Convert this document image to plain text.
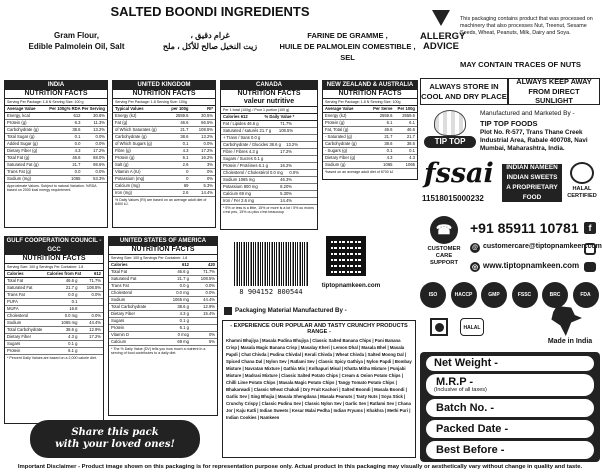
SALTED BOONDI INGREDIENTS
Gram Flour,
Edible Palmolein Oil, Salt
غرام دقيق ،
زيت النخيل صالح للأكل ، ملح
FARINE DE GRAMME ,
HUILE DE PALMOLEIN COMESTIBLE , SEL
ALLERGY
ADVICE
This packaging contains product that was processed on machinery that also processes Nut, Treenut, Sesame Seeds, Wheat, Peanuts, Milk, Dairy and Soya.
MAY CONTAIN TRACES OF NUTS
INDIA
NUTRITION FACTS
Serving Per Package: 1.8 N Serving Size: 100 g
Average Value	Per 100g % RDA Per Serving
Energy, kcal	612	30.6%
Protein (g)	6.3	11.3%
Carbohydrate (g)	38.6	13.2%
Total Sugar (g)	0.1	0.0%
Added Sugar (g)	0.0	0.0%
Dietary Fiber (g)	4.3	17.2%
Total Fat (g)	46.6	68.0%
Saturated Fat (g)	21.7	98.6%
Trans Fat (g)	0.0	0.0%
Sodium (mg)	1065	53.3%
Approximate Values. Subject to natural Variation. %RDA based on 2000 kcal energy requirement.
UNITED KINGDOM
NUTRITION FACTS
Serving Per Package: 1.8 Serving Size: 100g
Typical Values	per 100g	RI*
Energy (kJ)	2559.6	30.5%
Fat (g)	46.6	66.5%
of Which Saturates (g)	21.7	108.5%
Carbohydrate (g)	38.6	13.2%
of Which Sugars (g)	0.1	0.0%
Fibre (g)	4.3	17.2%
Protein (g)	6.1	16.2%
Salt (g)	2.6	3%
Vitamin A (IU)	0	0%
Potassium (mg)	0	0%
Calcium (mg)	69	5.3%
Iron (mg)	2.6	14.4%
% Daily Values (RI) are based on an average adult diet of 8400 kJ.
CANADA
NUTRITION FACTS
valeur nutritive
Per 1 bowl (100g) / Pour 1 portion (100 g)
Calories 612	% Daily Value *
Fat / Lipides 46.6 g	71.7%
Saturated / saturés 21.7 g	108.5%
+ Trans / trans 0.0 g
Carbohydrate / Glucides 38.6 g	13.2%
Fibre / Fibres 4.3 g	17.2%
Sugars / Sucres 0.1 g
Protein / Protéines 6.1 g	16.2%
Cholesterol / Cholestérol 0.0 mg	0.0%
Sodium 1065 mg	46.3%
Potassium 800 mg	8.20%
Calcium 69 mg	5.30%
Iron / Fer 2.6 mg	14.4%
* 5% or less is a little, 15% or more is a lot / 5% ou moins c'est peu, 15% ou plus c'est beaucoup
NEW ZEALAND & AUSTRALIA
NUTRITION FACTS
Serving Per Package: 1.8 N Serving Size: 100g
Average Value	Per Serve	Per 100g
Energy (kJ)	2559.6	2559.6
Protein (g)	6.1	6.1
Fat, Total (g)	46.6	46.6
- Saturated (g)	21.7	21.7
Carbohydrate (g)	38.6	38.6
- Sugars (g)	0.1	0.1
Dietary Fiber (g)	4.3	4.3
Sodium (g)	1065	1065
*based on an average adult diet of 8700 kJ
GULF COOPERATION COUNCIL -GCC
NUTRITION FACTS
Serving Size: 100 g Servings Per Container: 1.8
Calories	Calories from Fat	612
Total Fat	46.6 g	71.7%
Saturated Fat	21.7 g	108.5%
Trans Fat	0.0 g	0.0%
PUFA	0.1
MUFA	16.8
Cholesterol	0.0 mg	0.0%
Sodium	1065 mg	44.4%
Total Carbohydrate	38.6 g	12.9%
Dietary Fiber	4.3 g	17.2%
Sugars	0.1 g
Protein	6.1 g
* Percent Daily Values are based on a 2,000 calorie diet.
UNITED STATES OF AMERICA
NUTRITION FACTS
Serving Size: 100 g Servings Per Container: 1.8
Calories	612	420
Total Fat	46.6 g	71.7%
Saturated Fat	21.7 g	108.5%
Trans Fat	0.0 g	0.0%
Cholesterol	0.0 mg	0.0%
Sodium	1065 mg	44.4%
Total Carbohydrate	38.6 g	12.9%
Dietary Fiber	4.3 g	15.4%
Sugars	0.1 g
Protein	6.1 g
Vitamin D	0 mcg	0%
Calcium	69 mg	5%
* The % Daily Value (DV) tells you how much a nutrient in a serving of food contributes to a daily diet.
ALWAYS STORE IN
COOL AND DRY PLACE
ALWAYS KEEP AWAY
FROM DIRECT SUNLIGHT
TIP TOP
Manufactured and Marketed By -
TIP TOP FOODS
Plot No. R-577, Trans Thane Creek Industrial Area, Rabale 400708, Navi Mumbai, Maharashtra, India.
fssai
11518015000232
INDIAN NAMEEN
INDIAN SWEETS
A PROPRIETARY FOOD
HALAL
CERTIFIED
☎
CUSTOMER
CARE
SUPPORT
+91 85911 10781	f
@ customercare@tiptopnamkeen.com
◎ www.tiptopnamkeen.com
8 904152 800544
tiptopnamkeen.com
Packaging Material Manufactured By -
- EXPERIENCE OUR POPULAR AND TASTY CRUNCHY PRODUCTS RANGE -
Khamni Bhujiya | Masala Pudina Bhujiya | Classic Salted Banana Chips | Pani Banana Crisp | Masala Magic Banana Crisp | Masalay Kheri | Lemon Dhal | Masala Bhel | Masala Papdi | Chat Chivda | Pudina Chivdal | Kerali Chivda | Wheat Chivda | Salted Moong Dal | Spiced Chana Dal | Nylon Sev | Ratlami Sev | Classic Spicy Gathiya | Nylon Papdi | Bombay Mixture | Navratan Mixture | Gathia Mix | Kolhapuri Misal | Khatta Mitha Mixture | Punjabi Mixture | Madrasi Mixture | Classic Salted Potato Chips | Cream & Onion Potato Chips | Chilli Lime Potato Chips | Masala Magic Potato Chips | Tangy Tomato Potato Chips | Bhakarwadi | Classic Wheat Chakali | Dry Fruit Kachori | Salted Boondi | Masala Boondi | Garlic Sev | Sing Bhujia | Masala Shengdana | Masala Peanuts | Tasty Nuts | Soya Stick | Crunchy Crispy | Classic Pudina Sev | Classic Nylon Sev | Garlic Sev | Ratlami Sev | Chana Jor | Kaju Katli | Indian Sweets | Kesar Malai Pedha | Indian Fryums | Khakhra | Methi Puri | Indian Cookies | Namkeen
ISO	HACCP	GMP	FSSC	BRC	FDA
HALAL
Made in India
Share this pack
with your loved ones!
Net Weight -
M.R.P -
(Inclusive of all taxes)
Batch No. -
Packed Date -
Best Before -
Important Disclaimer - Product image shown on this packaging is for representation purpose only. Actual product in this packaging may visually or aesthetically vary without change in quality and taste.
